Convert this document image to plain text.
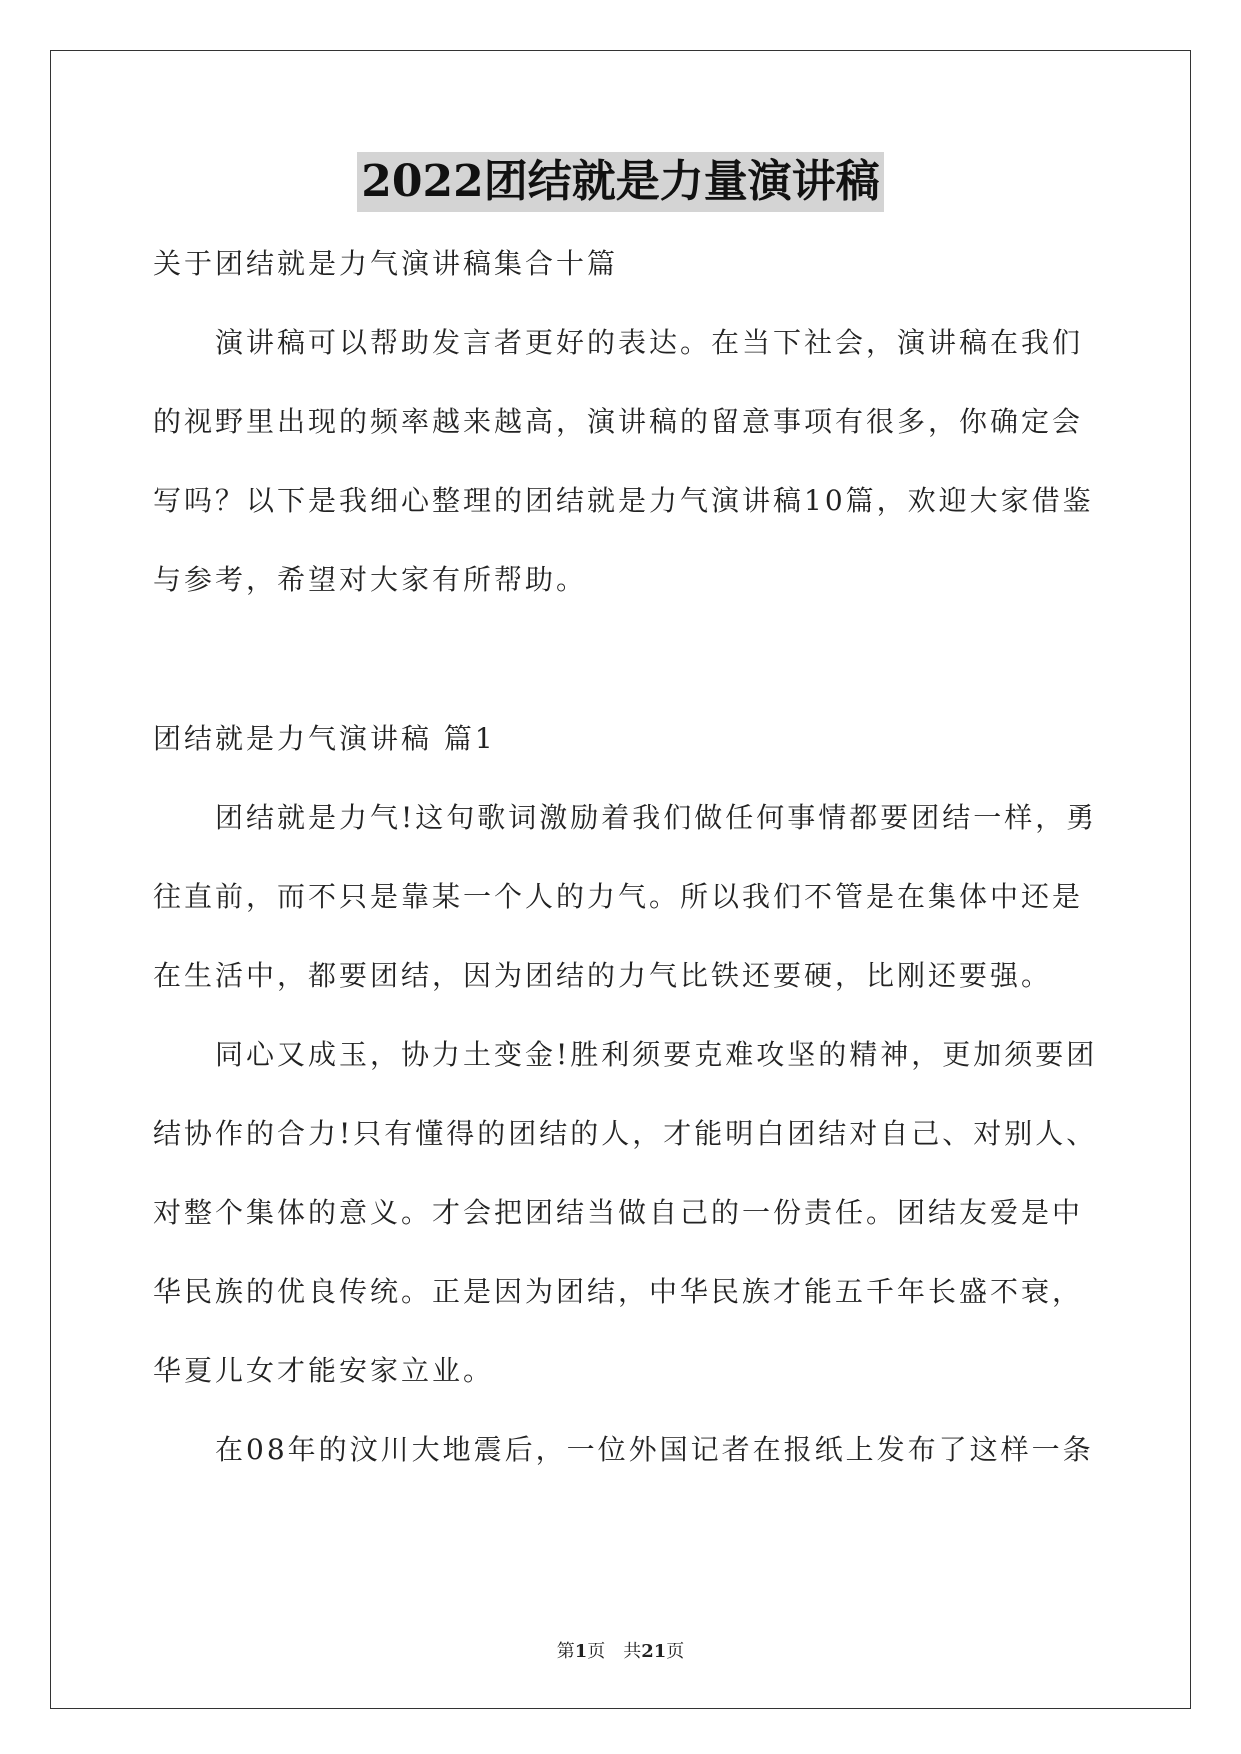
2022团结就是力量演讲稿

关于团结就是力气演讲稿集合十篇

演讲稿可以帮助发言者更好的表达。在当下社会，演讲稿在我们的视野里出现的频率越来越高，演讲稿的留意事项有很多，你确定会写吗？以下是我细心整理的团结就是力气演讲稿10篇，欢迎大家借鉴与参考，希望对大家有所帮助。

团结就是力气演讲稿 篇1

团结就是力气!这句歌词激励着我们做任何事情都要团结一样，勇往直前，而不只是靠某一个人的力气。所以我们不管是在集体中还是在生活中，都要团结，因为团结的力气比铁还要硬，比刚还要强。

同心又成玉，协力土变金!胜利须要克难攻坚的精神，更加须要团结协作的合力!只有懂得的团结的人，才能明白团结对自己、对别人、对整个集体的意义。才会把团结当做自己的一份责任。团结友爱是中华民族的优良传统。正是因为团结，中华民族才能五千年长盛不衰，华夏儿女才能安家立业。

在08年的汶川大地震后，一位外国记者在报纸上发布了这样一条

第1页　共21页
